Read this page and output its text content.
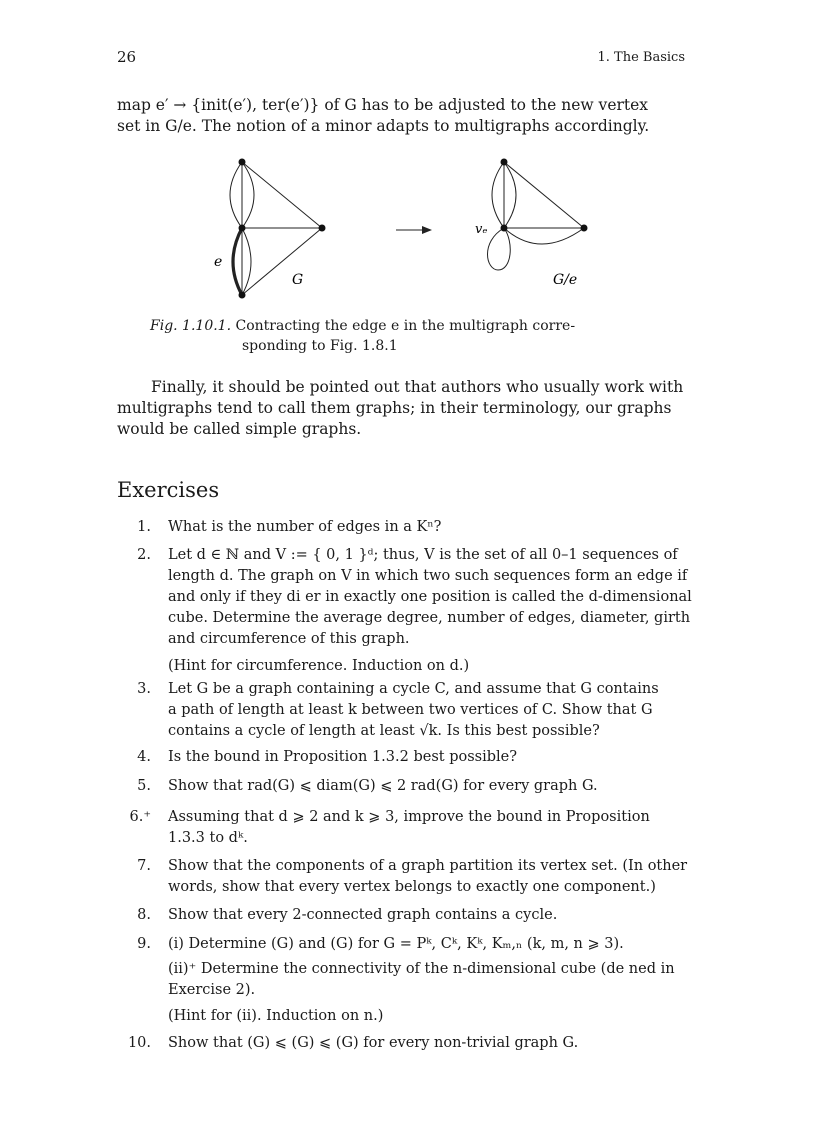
26	1. The Basics
map e′ → {init(e′), ter(e′)} of G has to be adjusted to the new vertex
set in G/e. The notion of a minor adapts to multigraphs accordingly.
e
G
vₑ
G/e
Fig. 1.10.1. Contracting the edge e in the multigraph corre-
sponding to Fig. 1.8.1
Finally, it should be pointed out that authors who usually work with
multigraphs tend to call them graphs; in their terminology, our graphs
would be called simple graphs.
Exercises
1. What is the number of edges in a Kⁿ?
2. Let d ∈ ℕ and V := { 0, 1 }ᵈ; thus, V is the set of all 0–1 sequences of
length d. The graph on V in which two such sequences form an edge if
and only if they di er in exactly one position is called the d-dimensional
cube. Determine the average degree, number of edges, diameter, girth
and circumference of this graph.
(Hint for circumference. Induction on d.)
3. Let G be a graph containing a cycle C, and assume that G contains
a path of length at least k between two vertices of C. Show that G
contains a cycle of length at least √k. Is this best possible?
4. Is the bound in Proposition 1.3.2 best possible?
5. Show that rad(G) ⩽ diam(G) ⩽ 2 rad(G) for every graph G.
6.⁺ Assuming that d ⩾ 2 and k ⩾ 3, improve the bound in Proposition
1.3.3 to dᵏ.
7. Show that the components of a graph partition its vertex set. (In other
words, show that every vertex belongs to exactly one component.)
8. Show that every 2-connected graph contains a cycle.
9. (i) Determine (G) and (G) for G = Pᵏ, Cᵏ, Kᵏ, Kₘ,ₙ (k, m, n ⩾ 3).
(ii)⁺ Determine the connectivity of the n-dimensional cube (de ned in
Exercise 2).
(Hint for (ii). Induction on n.)
10. Show that (G) ⩽ (G) ⩽ (G) for every non-trivial graph G.
